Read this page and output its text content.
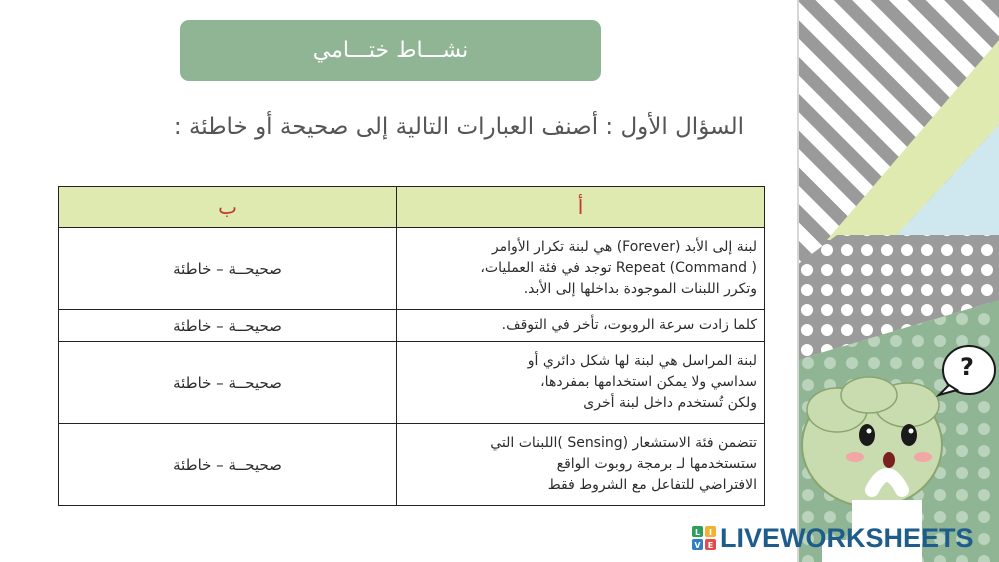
?
نشـــاط ختـــامي
السؤال الأول : أصنف العبارات التالية إلى صحيحة أو خاطئة :
أ	ب

لبنة إلى الأبد (Forever) هي لبنة تكرار الأوامر
( Repeat (Command توجد في فئة العمليات،
وتكرر اللبنات الموجودة بداخلها إلى الأبد.	صحيحــة – خاطئة

كلما زادت سرعة الروبوت، تأخر في التوقف.	صحيحــة – خاطئة

لبنة المراسل هي لبنة لها شكل دائري أو
سداسي ولا يمكن استخدامها بمفردها،
ولكن تُستخدم داخل لبنة أخرى	صحيحــة – خاطئة

تتضمن فئة الاستشعار (Sensing )اللبنات التي
ستستخدمها لـ برمجة روبوت الواقع
الافتراضي للتفاعل مع الشروط فقط	صحيحــة – خاطئة
L I
V E LIVEWORKSHEETS
